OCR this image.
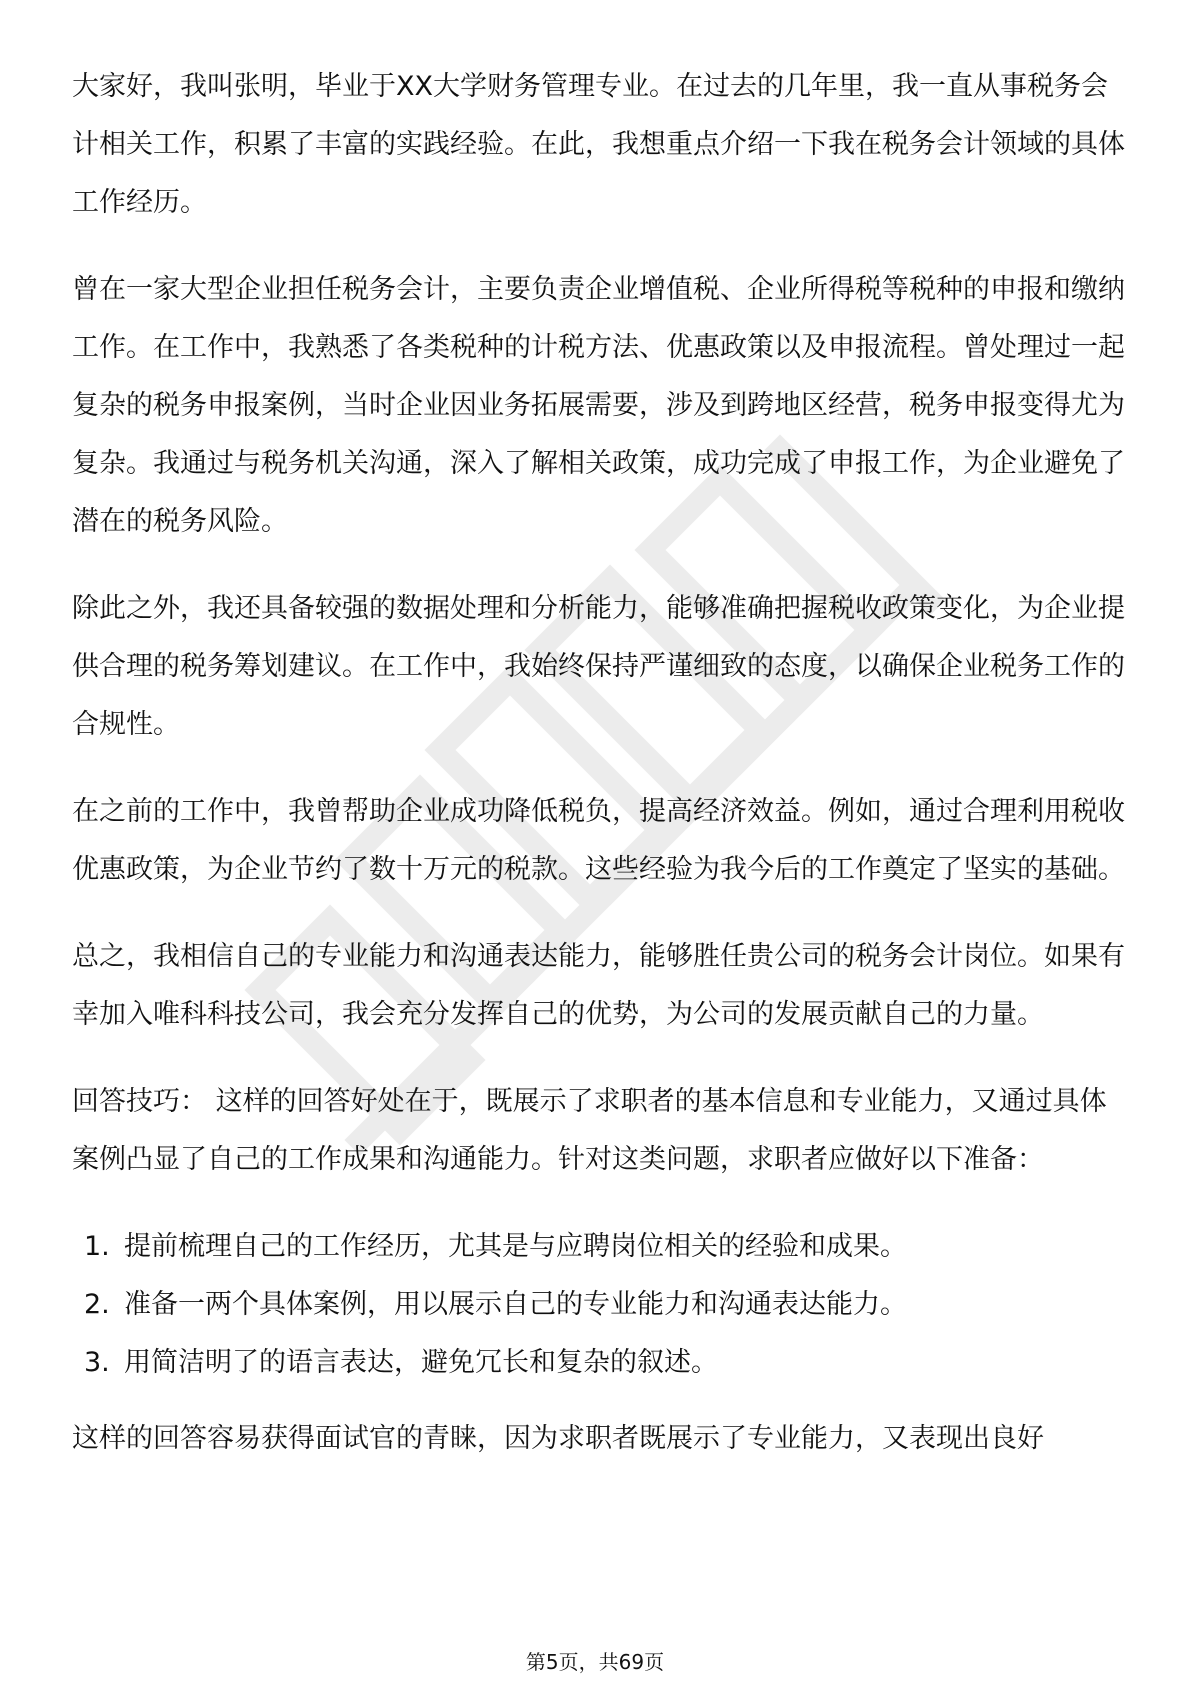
大家好，我叫张明，毕业于XX大学财务管理专业。在过去的几年里，我一直从事税务会计相关工作，积累了丰富的实践经验。在此，我想重点介绍一下我在税务会计领域的具体工作经历。

曾在一家大型企业担任税务会计，主要负责企业增值税、企业所得税等税种的申报和缴纳工作。在工作中，我熟悉了各类税种的计税方法、优惠政策以及申报流程。曾处理过一起复杂的税务申报案例，当时企业因业务拓展需要，涉及到跨地区经营，税务申报变得尤为复杂。我通过与税务机关沟通，深入了解相关政策，成功完成了申报工作，为企业避免了潜在的税务风险。

除此之外，我还具备较强的数据处理和分析能力，能够准确把握税收政策变化，为企业提供合理的税务筹划建议。在工作中，我始终保持严谨细致的态度，以确保企业税务工作的合规性。

在之前的工作中，我曾帮助企业成功降低税负，提高经济效益。例如，通过合理利用税收优惠政策，为企业节约了数十万元的税款。这些经验为我今后的工作奠定了坚实的基础。

总之，我相信自己的专业能力和沟通表达能力，能够胜任贵公司的税务会计岗位。如果有幸加入唯科科技公司，我会充分发挥自己的优势，为公司的发展贡献自己的力量。

回答技巧： 这样的回答好处在于，既展示了求职者的基本信息和专业能力，又通过具体案例凸显了自己的工作成果和沟通能力。针对这类问题，求职者应做好以下准备：

1. 提前梳理自己的工作经历，尤其是与应聘岗位相关的经验和成果。
2. 准备一两个具体案例，用以展示自己的专业能力和沟通表达能力。
3. 用简洁明了的语言表达，避免冗长和复杂的叙述。

这样的回答容易获得面试官的青睐，因为求职者既展示了专业能力，又表现出良好

第5页，共69页
